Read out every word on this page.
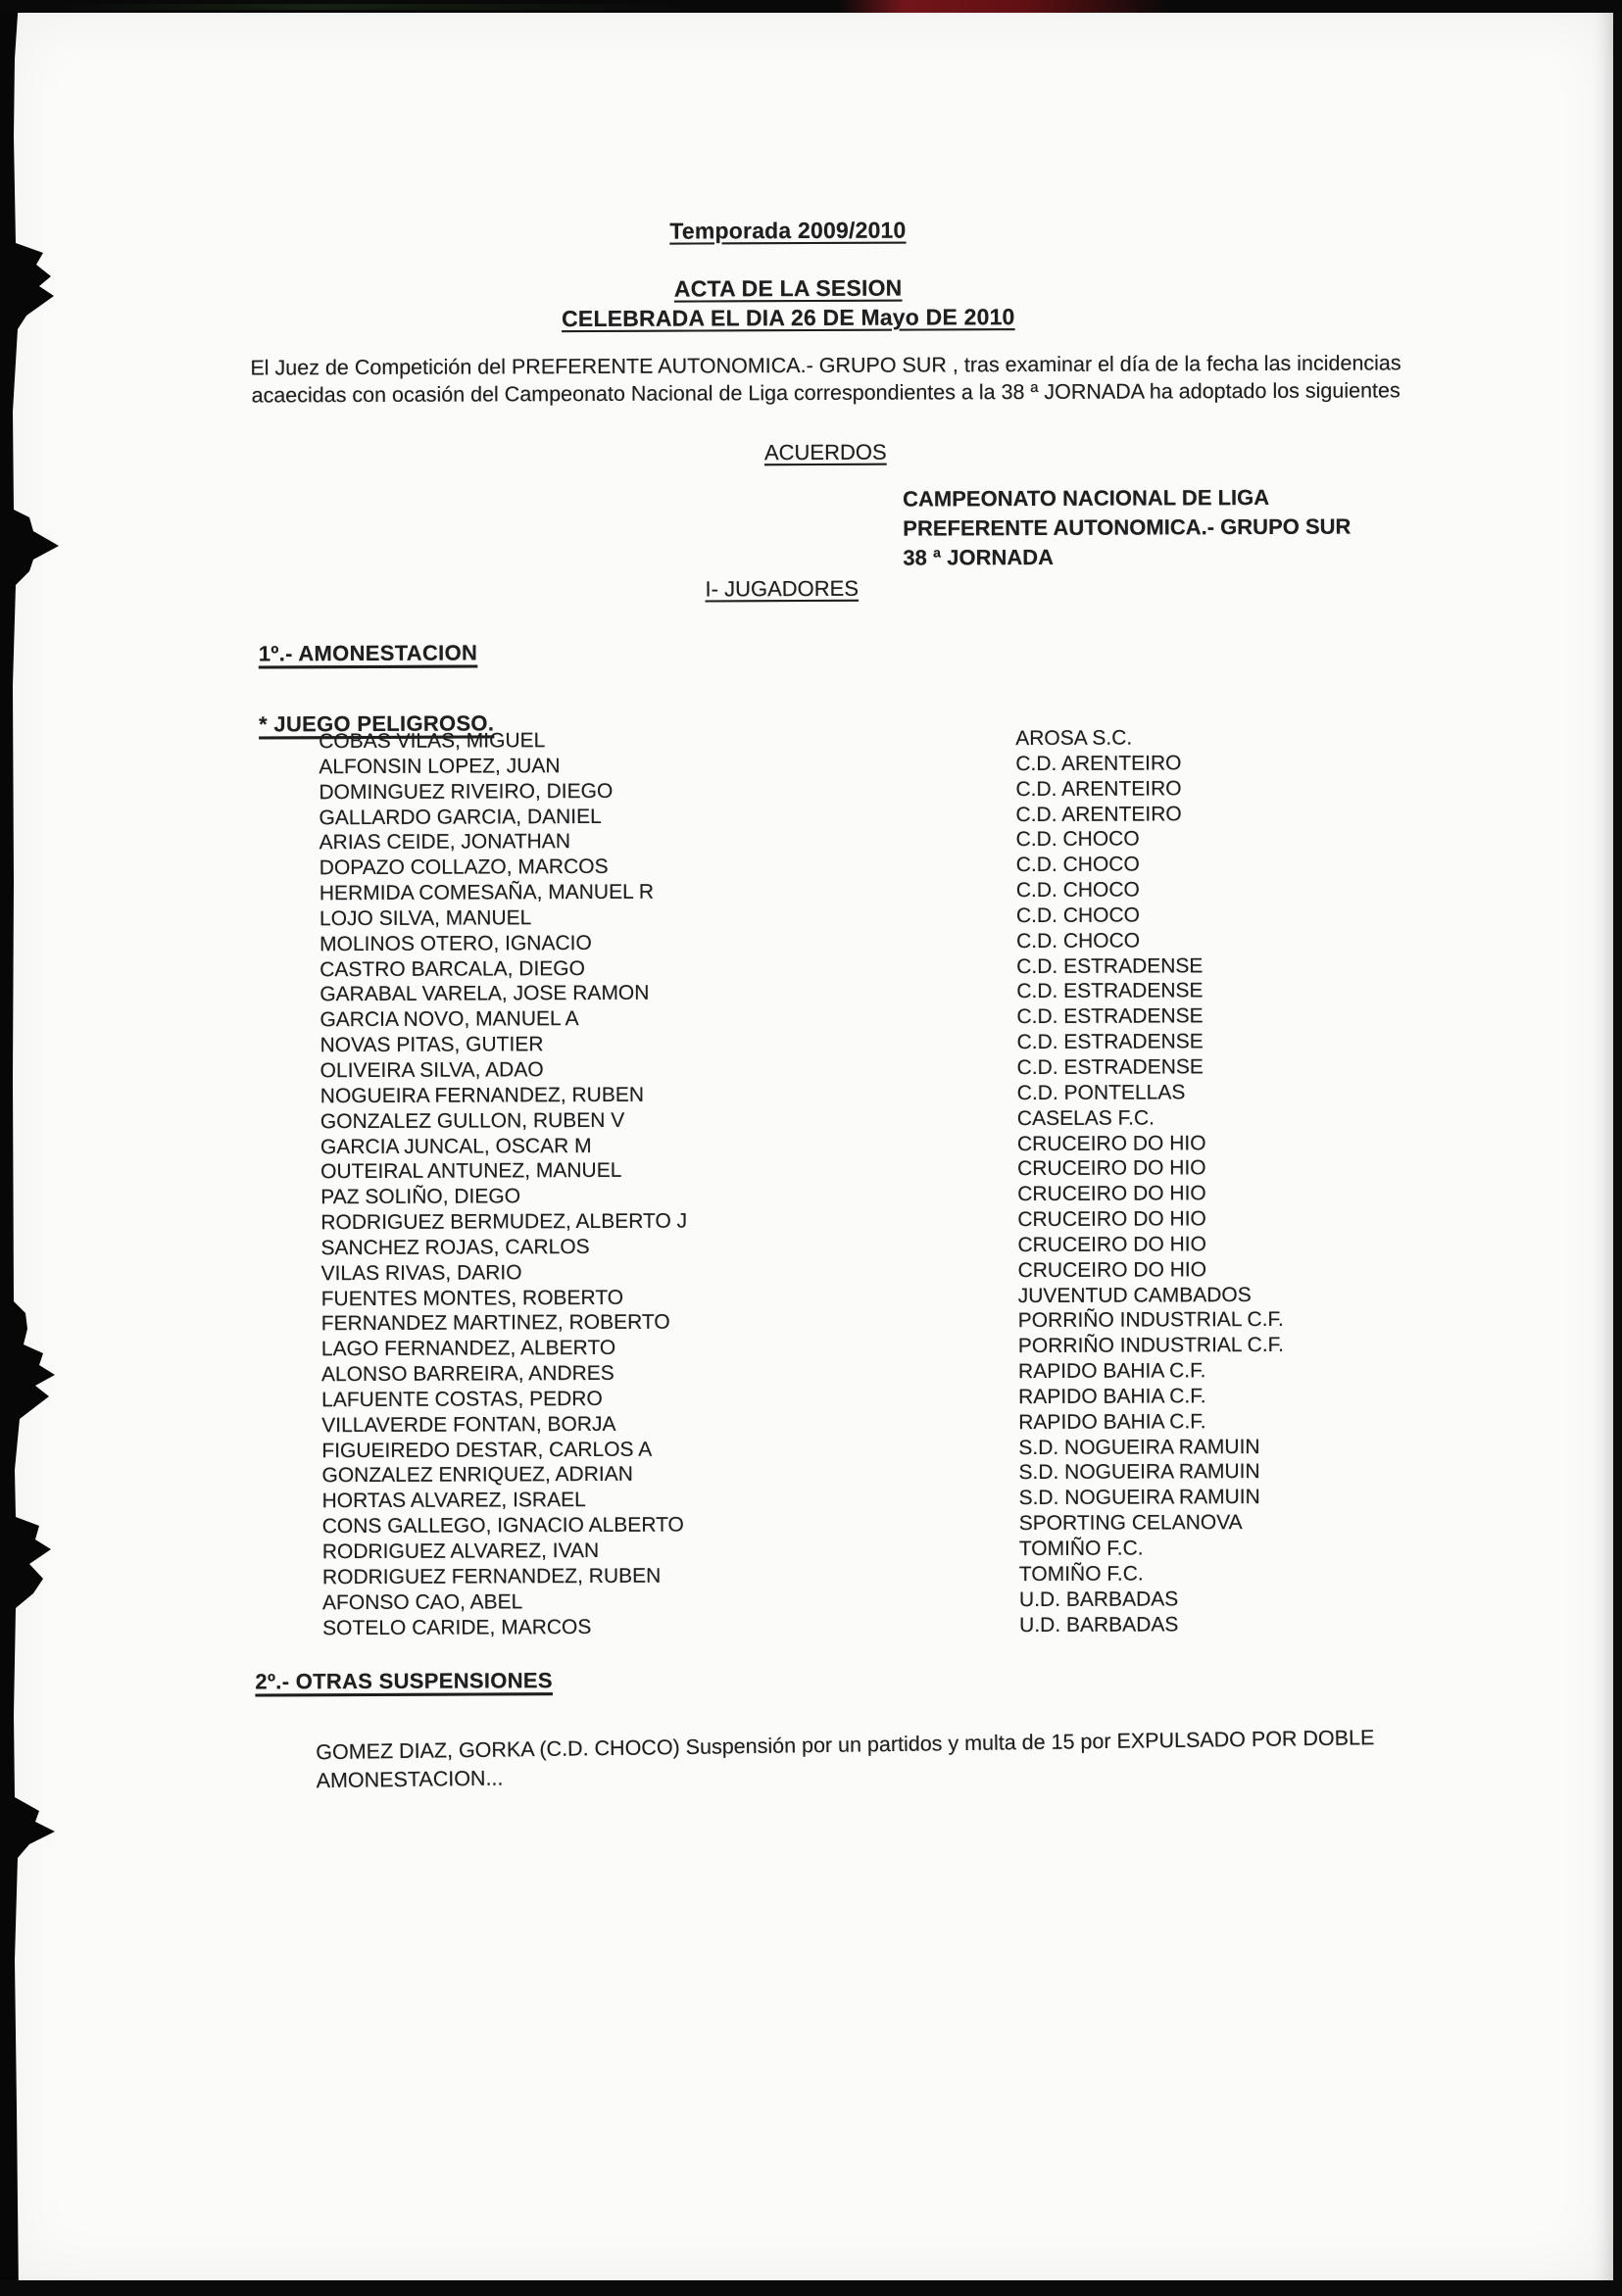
Temporada 2009/2010
ACTA DE LA SESION
CELEBRADA EL DIA 26 DE Mayo DE 2010
El Juez de Competición del PREFERENTE AUTONOMICA.- GRUPO SUR , tras examinar el día de la fecha las incidencias
acaecidas con ocasión del Campeonato Nacional de Liga correspondientes a la 38 ª JORNADA ha adoptado los siguientes
ACUERDOS
CAMPEONATO NACIONAL DE LIGA
PREFERENTE AUTONOMICA.- GRUPO SUR
38 ª JORNADA
I- JUGADORES
1º.- AMONESTACION
* JUEGO PELIGROSO.
COBAS VILAS, MIGUEL	AROSA S.C.
ALFONSIN LOPEZ, JUAN	C.D. ARENTEIRO
DOMINGUEZ RIVEIRO, DIEGO	C.D. ARENTEIRO
GALLARDO GARCIA, DANIEL	C.D. ARENTEIRO
ARIAS CEIDE, JONATHAN	C.D. CHOCO
DOPAZO COLLAZO, MARCOS	C.D. CHOCO
HERMIDA COMESAÑA, MANUEL R	C.D. CHOCO
LOJO SILVA, MANUEL	C.D. CHOCO
MOLINOS OTERO, IGNACIO	C.D. CHOCO
CASTRO BARCALA, DIEGO	C.D. ESTRADENSE
GARABAL VARELA, JOSE RAMON	C.D. ESTRADENSE
GARCIA NOVO, MANUEL A	C.D. ESTRADENSE
NOVAS PITAS, GUTIER	C.D. ESTRADENSE
OLIVEIRA SILVA, ADAO	C.D. ESTRADENSE
NOGUEIRA FERNANDEZ, RUBEN	C.D. PONTELLAS
GONZALEZ GULLON, RUBEN V	CASELAS F.C.
GARCIA JUNCAL, OSCAR M	CRUCEIRO DO HIO
OUTEIRAL ANTUNEZ, MANUEL	CRUCEIRO DO HIO
PAZ SOLIÑO, DIEGO	CRUCEIRO DO HIO
RODRIGUEZ BERMUDEZ, ALBERTO J	CRUCEIRO DO HIO
SANCHEZ ROJAS, CARLOS	CRUCEIRO DO HIO
VILAS RIVAS, DARIO	CRUCEIRO DO HIO
FUENTES MONTES, ROBERTO	JUVENTUD CAMBADOS
FERNANDEZ MARTINEZ, ROBERTO	PORRIÑO INDUSTRIAL C.F.
LAGO FERNANDEZ, ALBERTO	PORRIÑO INDUSTRIAL C.F.
ALONSO BARREIRA, ANDRES	RAPIDO BAHIA C.F.
LAFUENTE COSTAS, PEDRO	RAPIDO BAHIA C.F.
VILLAVERDE FONTAN, BORJA	RAPIDO BAHIA C.F.
FIGUEIREDO DESTAR, CARLOS A	S.D. NOGUEIRA RAMUIN
GONZALEZ ENRIQUEZ, ADRIAN	S.D. NOGUEIRA RAMUIN
HORTAS ALVAREZ, ISRAEL	S.D. NOGUEIRA RAMUIN
CONS GALLEGO, IGNACIO ALBERTO	SPORTING CELANOVA
RODRIGUEZ ALVAREZ, IVAN	TOMIÑO F.C.
RODRIGUEZ FERNANDEZ, RUBEN	TOMIÑO F.C.
AFONSO CAO, ABEL	U.D. BARBADAS
SOTELO CARIDE, MARCOS	U.D. BARBADAS
2º.- OTRAS SUSPENSIONES
GOMEZ DIAZ, GORKA (C.D. CHOCO) Suspensión por un partidos y multa de 15 por EXPULSADO POR DOBLE
AMONESTACION...
